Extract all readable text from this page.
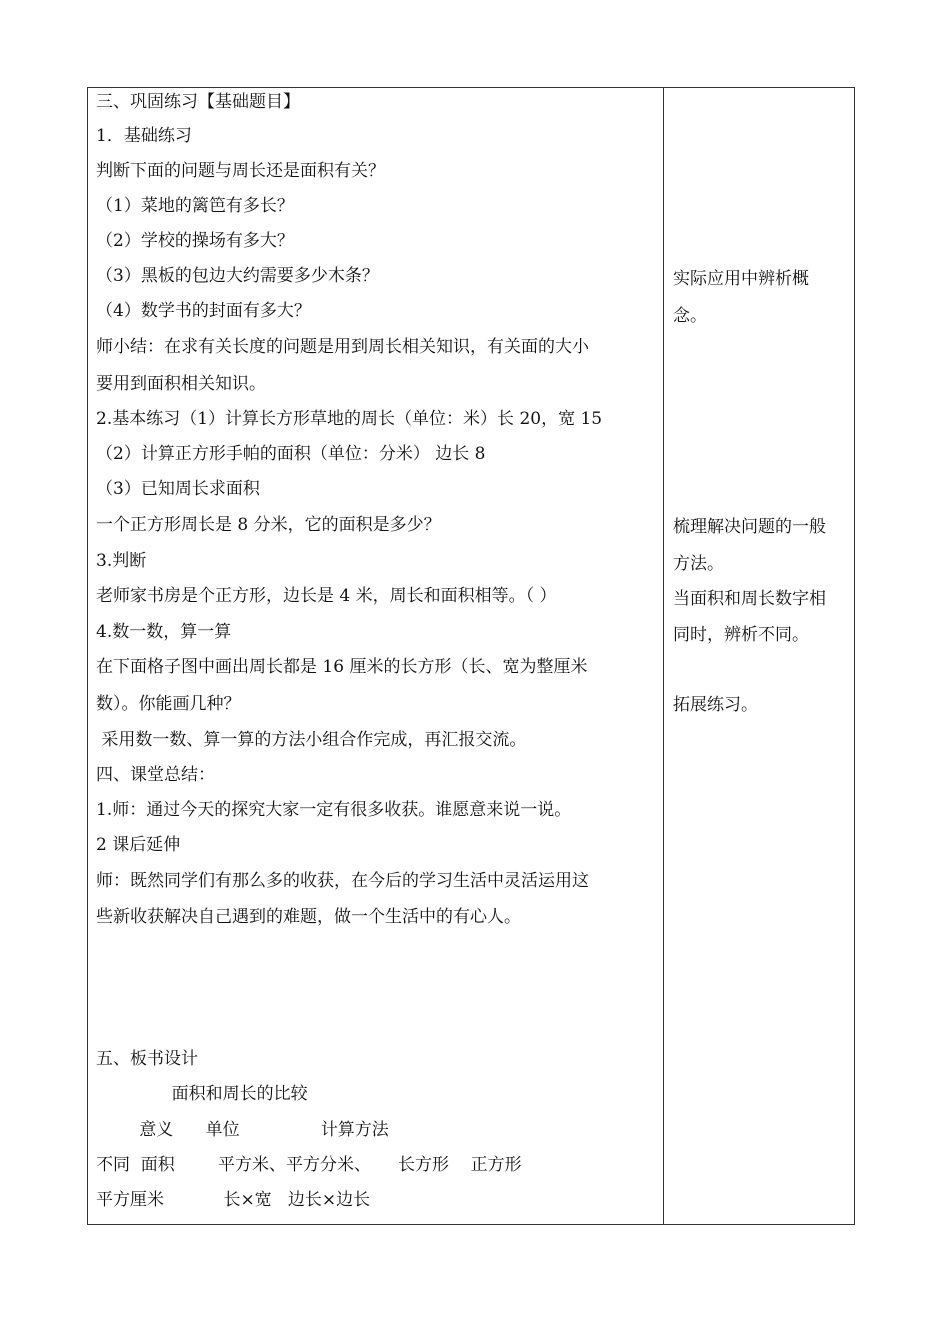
三、巩固练习【基础题目】
1．基础练习
判断下面的问题与周长还是面积有关？
（1）菜地的篱笆有多长？
（2）学校的操场有多大？
（3）黑板的包边大约需要多少木条？
（4）数学书的封面有多大？
师小结：在求有关长度的问题是用到周长相关知识，有关面的大小
要用到面积相关知识。
2.基本练习（1）计算长方形草地的周长（单位：米）长 20，宽 15
（2）计算正方形手帕的面积（单位：分米） 边长 8
（3）已知周长求面积
一个正方形周长是 8 分米，它的面积是多少？
3.判断
老师家书房是个正方形，边长是 4 米，周长和面积相等。（ ）
4.数一数，算一算
在下面格子图中画出周长都是 16 厘米的长方形（长、宽为整厘米
数）。你能画几种？
采用数一数、算一算的方法小组合作完成，再汇报交流。
四、课堂总结：
1.师：通过今天的探究大家一定有很多收获。谁愿意来说一说。
2 课后延伸
师：既然同学们有那么多的收获，在今后的学习生活中灵活运用这
些新收获解决自己遇到的难题，做一个生活中的有心人。
五、板书设计
面积和周长的比较
意义      单位               计算方法
不同  面积        平方米、平方分米、     长方形    正方形
平方厘米           长×宽   边长×边长
实际应用中辨析概
念。
梳理解决问题的一般
方法。
当面积和周长数字相
同时，辨析不同。
拓展练习。
